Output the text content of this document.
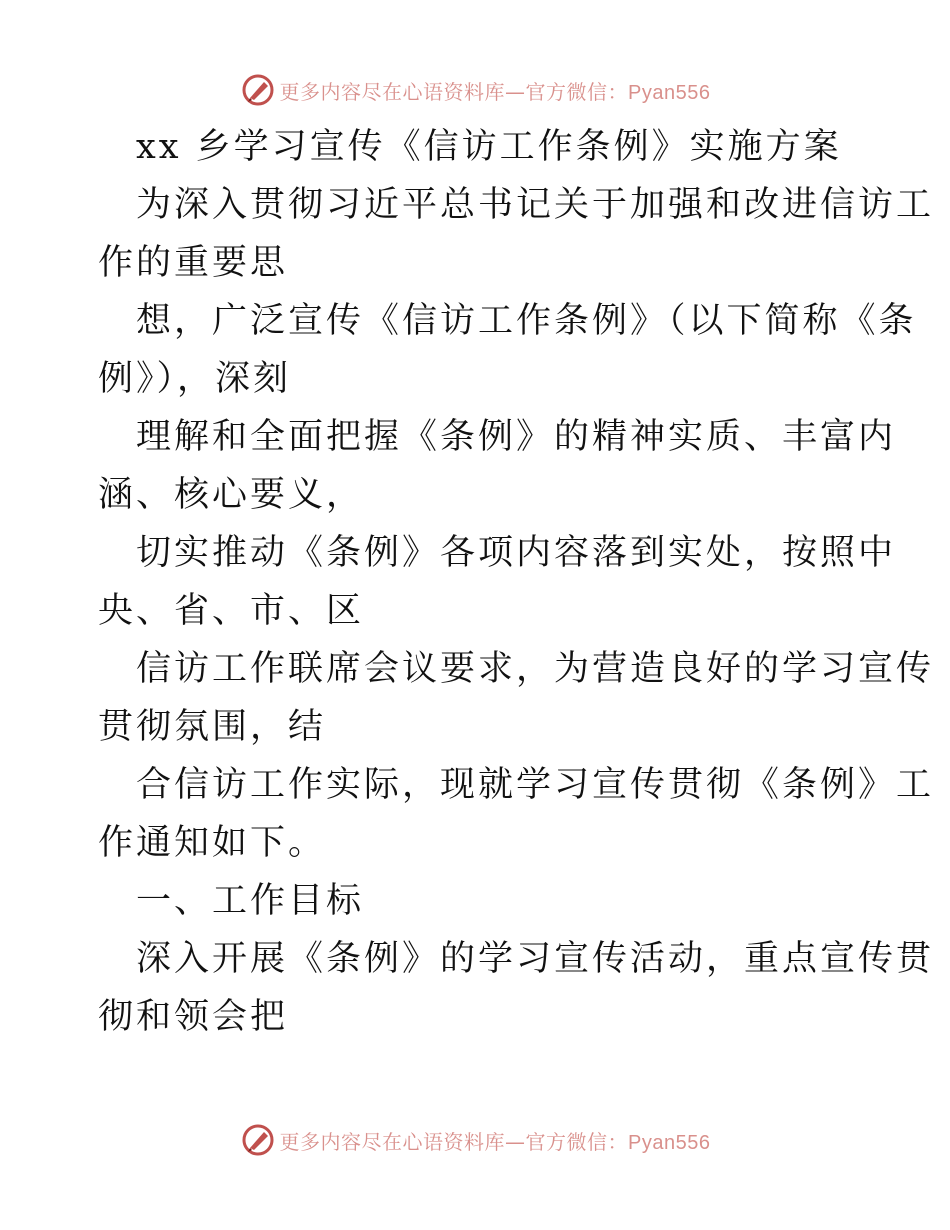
更多内容尽在心语资料库—官方微信：Pyan556
xx 乡学习宣传《信访工作条例》实施方案
为深入贯彻习近平总书记关于加强和改进信访工
作的重要思
想，广泛宣传《信访工作条例》（以下简称《条
例》），深刻
理解和全面把握《条例》的精神实质、丰富内
涵、核心要义，
切实推动《条例》各项内容落到实处，按照中
央、省、市、区
信访工作联席会议要求，为营造良好的学习宣传
贯彻氛围，结
合信访工作实际，现就学习宣传贯彻《条例》工
作通知如下。
一、工作目标
深入开展《条例》的学习宣传活动，重点宣传贯
彻和领会把
更多内容尽在心语资料库—官方微信：Pyan556
